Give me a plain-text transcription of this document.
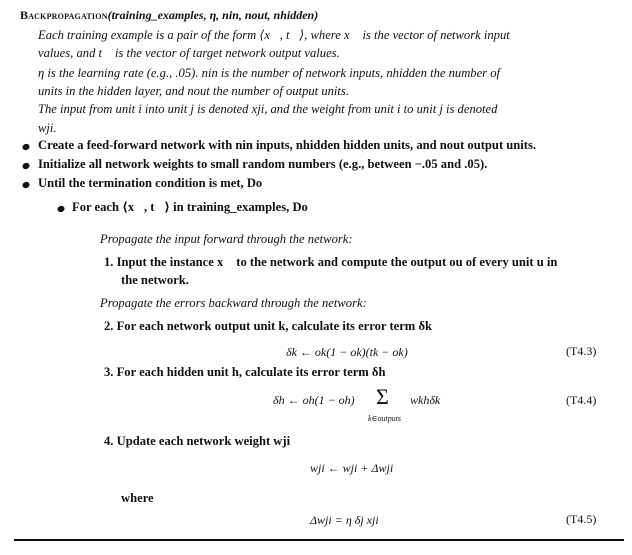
Backpropagation(training_examples, η, nin, nout, nhidden)
Each training example is a pair of the form ⟨x⃗, t⃗⟩, where x⃗ is the vector of network input
values, and t⃗ is the vector of target network output values.
η is the learning rate (e.g., .05). nin is the number of network inputs, nhidden the number of
units in the hidden layer, and nout the number of output units.
The input from unit i into unit j is denoted xji, and the weight from unit i to unit j is denoted
wji.
Create a feed-forward network with nin inputs, nhidden hidden units, and nout output units.
Initialize all network weights to small random numbers (e.g., between −.05 and .05).
Until the termination condition is met, Do
For each ⟨x⃗, t⃗⟩ in training_examples, Do
Propagate the input forward through the network:
1. Input the instance x⃗ to the network and compute the output ou of every unit u in
the network.
Propagate the errors backward through the network:
2. For each network output unit k, calculate its error term δk
δk ← ok(1 − ok)(tk − ok)	(T4.3)
3. For each hidden unit h, calculate its error term δh
δh ← oh(1 − oh) Σ
k∈outputs
wkhδk	(T4.4)
4. Update each network weight wji
wji ← wji + Δwji
where
Δwji = η δj xji	(T4.5)
